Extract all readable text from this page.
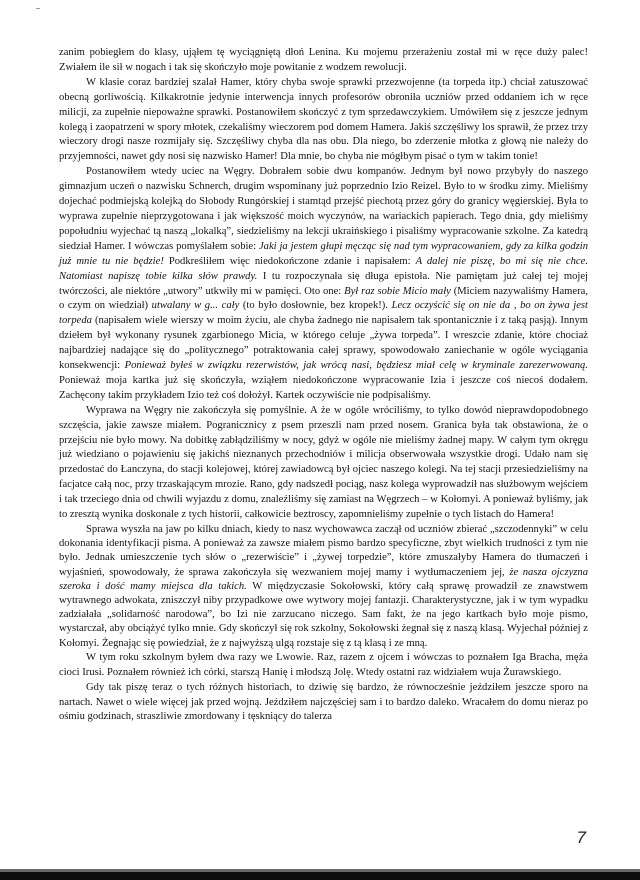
zanim pobiegłem do klasy, ująłem tę wyciągniętą dłoń Lenina. Ku mojemu przerażeniu został mi w ręce duży palec! Zwiałem ile sił w nogach i tak się skończyło moje powitanie z wodzem rewolucji.

W klasie coraz bardziej szalał Hamer, który chyba swoje sprawki przezwojenne (ta torpeda itp.) chciał zatuszować obecną gorliwością. Kilkakrotnie jedynie interwencja innych profesorów obroniła uczniów przed oddaniem ich w ręce milicji, za zupełnie niepoważne sprawki. Postanowiłem skończyć z tym sprzedawczykiem. Umówiłem się z jeszcze jednym kolegą i zaopatrzeni w spory młotek, czekaliśmy wieczorem pod domem Hamera. Jakiś szczęśliwy los sprawił, że przez trzy wieczory drogi nasze rozmijały się. Szczęśliwy chyba dla nas obu. Dla niego, bo zderzenie młotka z głową nie należy do przyjemności, nawet gdy nosi się nazwisko Hamer! Dla mnie, bo chyba nie mógłbym pisać o tym w takim tonie!

Postanowiłem wtedy uciec na Węgry. Dobrałem sobie dwu kompanów. Jednym był nowo przybyły do naszego gimnazjum uczeń o nazwisku Schnerch, drugim wspominany już poprzednio Izio Reizel. Było to w środku zimy. Mieliśmy dojechać podmiejską kolejką do Słobody Rungórskiej i stamtąd przejść piechotą przez góry do granicy węgierskiej. Była to wyprawa zupełnie nieprzygotowana i jak większość moich wyczynów, na wariackich papierach. Tego dnia, gdy mieliśmy popołudniu wyjechać tą naszą „lokalką”, siedzieliśmy na lekcji ukraińskiego i pisaliśmy wypracowanie szkolne. Za katedrą siedział Hamer. I wówczas pomyślałem sobie: Jaki ja jestem głupi męcząc się nad tym wypracowaniem, gdy za kilka godzin już mnie tu nie będzie! Podkreśliłem więc niedokończone zdanie i napisałem: A dalej nie piszę, bo mi się nie chce. Natomiast napiszę tobie kilka słów prawdy. I tu rozpoczynała się długa epistoła. Nie pamiętam już całej tej mojej twórczości, ale niektóre „utwory” utkwiły mi w pamięci. Oto one: Był raz sobie Micio mały (Miciem nazywaliśmy Hamera, o czym on wiedział) utwalany w g... cały (to było dosłownie, bez kropek!). Lecz oczyścić się on nie da , bo on żywa jest torpeda (napisałem wiele wierszy w moim życiu, ale chyba żadnego nie napisałem tak spontanicznie i z taką pasją). Innym dziełem był wykonany rysunek zgarbionego Micia, w którego celuje „żywa torpeda”. I wreszcie zdanie, które chociaż najbardziej nadające się do „politycznego” potraktowania całej sprawy, spowodowało zaniechanie w ogóle wyciągania konsekwencji: Ponieważ byłeś w związku rezerwistów, jak wrócą nasi, będziesz miał celę w kryminale zarezerwowaną. Ponieważ moja kartka już się skończyła, wziąłem niedokończone wypracowanie Izia i jeszcze coś niecoś dodałem. Zachęcony takim przykładem Izio też coś dołożył. Kartek oczywiście nie podpisaliśmy.

Wyprawa na Węgry nie zakończyła się pomyślnie. A że w ogóle wróciliśmy, to tylko dowód nieprawdopodobnego szczęścia, jakie zawsze miałem. Pogranicznicy z psem przeszli nam przed nosem. Granica była tak obstawiona, że o przejściu nie było mowy. Na dobitkę zabłądziliśmy w nocy, gdyż w ogóle nie mieliśmy żadnej mapy. W całym tym okręgu już wiedziano o pojawieniu się jakichś nieznanych przechodniów i milicja obserwowała wszystkie drogi. Udało nam się przedostać do Łanczyna, do stacji kolejowej, której zawiadowcą był ojciec naszego kolegi. Na tej stacji przesiedzieliśmy na facjatce całą noc, przy trzaskającym mrozie. Rano, gdy nadszedł pociąg, nasz kolega wyprowadził nas służbowym wejściem i tak trzeciego dnia od chwili wyjazdu z domu, znaleźliśmy się zamiast na Węgrzech – w Kołomyi. A ponieważ byliśmy, jak to zresztą wynika doskonale z tych historii, całkowicie beztroscy, zapomnieliśmy zupełnie o tych listach do Hamera!

Sprawa wyszła na jaw po kilku dniach, kiedy to nasz wychowawca zaczął od uczniów zbierać „szczodennyki” w celu dokonania identyfikacji pisma. A ponieważ za zawsze miałem pismo bardzo specyficzne, zbyt wielkich trudności z tym nie było. Jednak umieszczenie tych słów o „rezerwiście” i „żywej torpedzie”, które zmuszałyby Hamera do tłumaczeń i wyjaśnień, spowodowały, że sprawa zakończyła się wezwaniem mojej mamy i wytłumaczeniem jej, że nasza ojczyzna szeroka i dość mamy miejsca dla takich. W międzyczasie Sokołowski, który całą sprawę prowadził ze znawstwem wytrawnego adwokata, zniszczył niby przypadkowe owe wytwory mojej fantazji. Charakterystyczne, jak i w tym wypadku zadziałała „solidarność narodowa”, bo Izi nie zarzucano niczego. Sam fakt, że na jego kartkach było moje pismo, wystarczał, aby obciążyć tylko mnie. Gdy skończył się rok szkolny, Sokołowski żegnał się z naszą klasą. Wyjechał później z Kołomyi. Żegnając się powiedział, że z najwyższą ulgą rozstaje się z tą klasą i ze mną.

W tym roku szkolnym byłem dwa razy we Lwowie. Raz, razem z ojcem i wówczas to poznałem Iga Bracha, męża cioci Irusi. Poznałem również ich córki, starszą Hanię i młodszą Jolę. Wtedy ostatni raz widziałem wuja Żurawskiego.

Gdy tak piszę teraz o tych różnych historiach, to dziwię się bardzo, że równocześnie jeździłem jeszcze sporo na nartach. Nawet o wiele więcej jak przed wojną. Jeździłem najczęściej sam i to bardzo daleko. Wracałem do domu nieraz po ośmiu godzinach, straszliwie zmordowany i tęskniący do talerza

7
